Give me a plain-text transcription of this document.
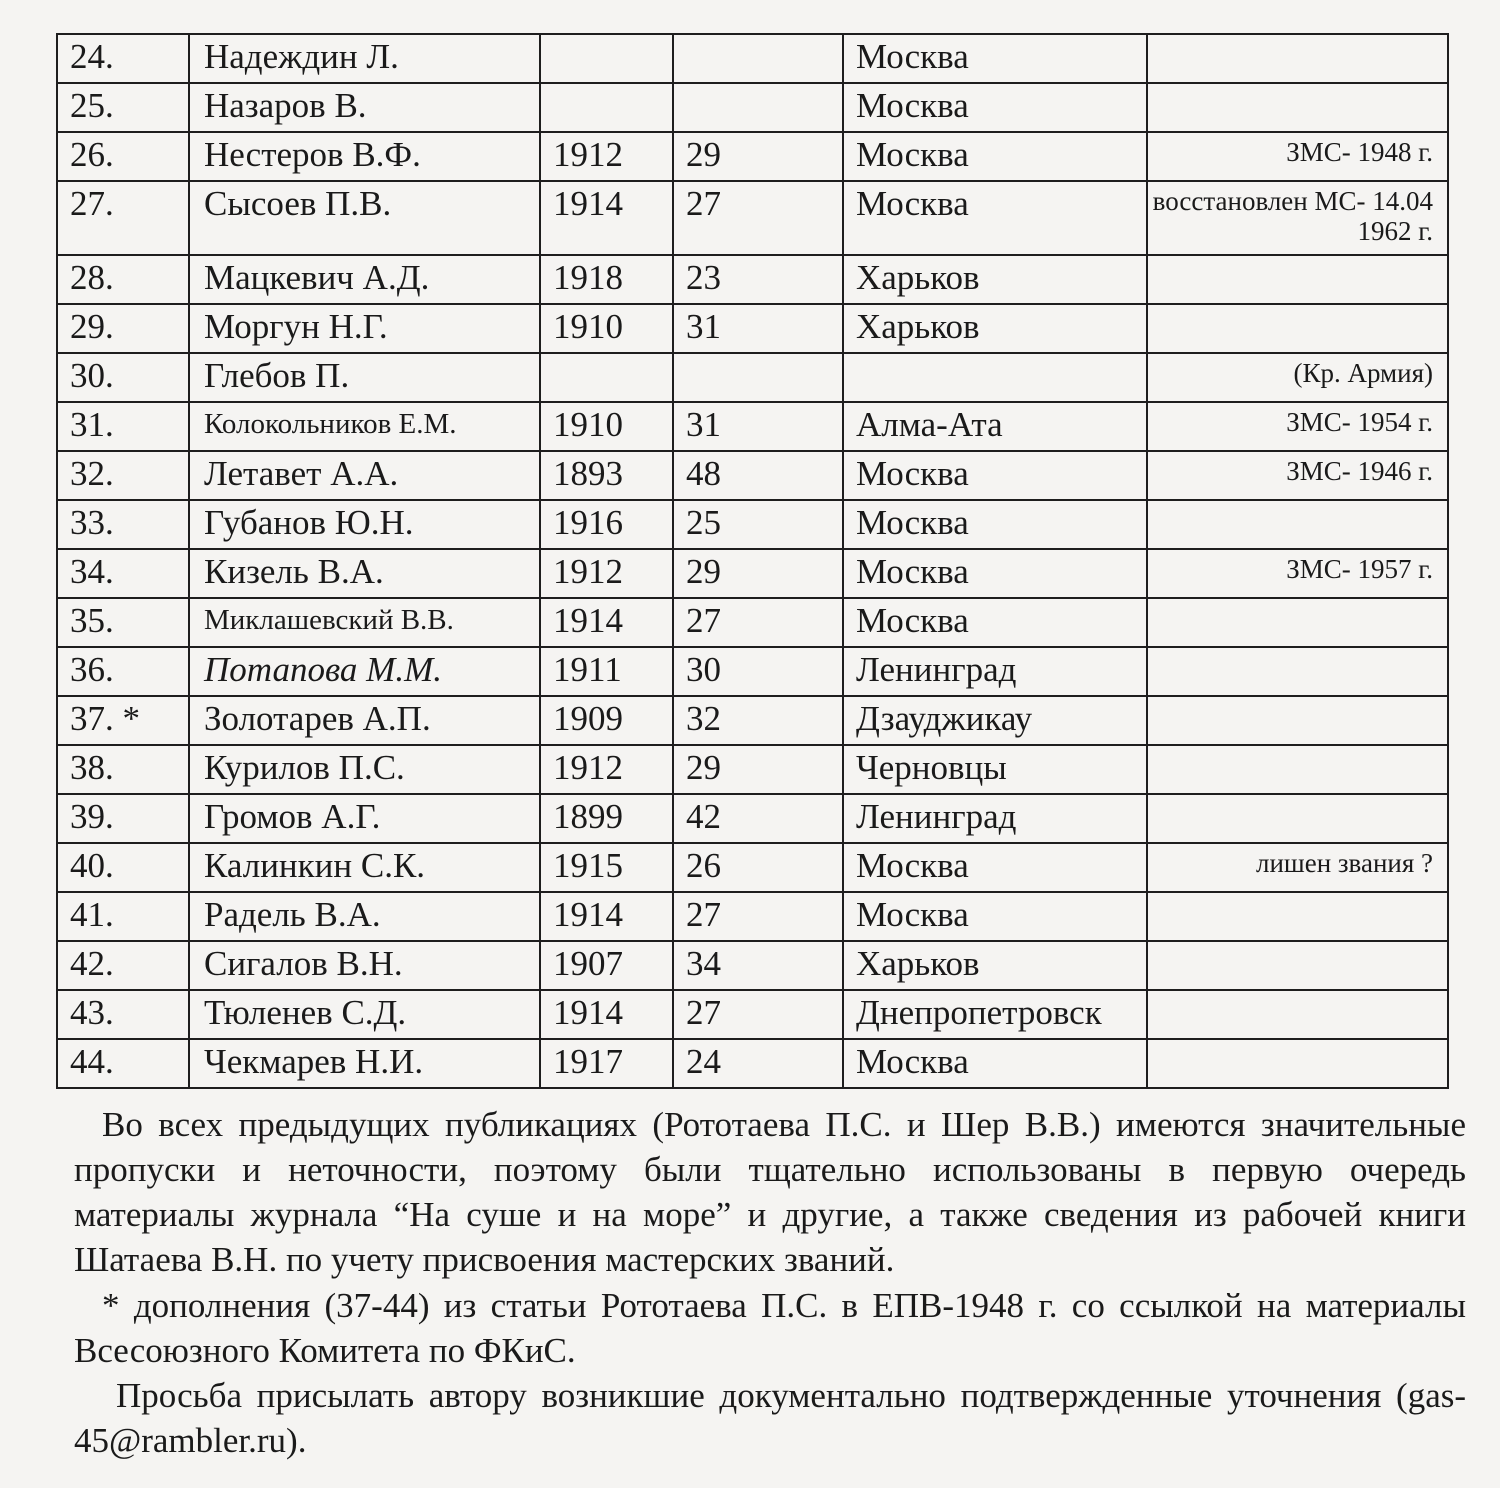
24.	Надеждин Л.			Москва	
25.	Назаров В.			Москва	
26.	Нестеров В.Ф.	1912	29	Москва	ЗМС- 1948 г.
27.	Сысоев П.В.	1914	27	Москва	восстановлен МС- 14.04 1962 г.
28.	Мацкевич А.Д.	1918	23	Харьков	
29.	Моргун Н.Г.	1910	31	Харьков	
30.	Глебов П.				(Кр. Армия)
31.	Колокольников Е.М.	1910	31	Алма-Ата	ЗМС- 1954 г.
32.	Летавет А.А.	1893	48	Москва	ЗМС- 1946 г.
33.	Губанов Ю.Н.	1916	25	Москва	
34.	Кизель В.А.	1912	29	Москва	ЗМС- 1957 г.
35.	Миклашевский В.В.	1914	27	Москва	
36.	Потапова М.М.	1911	30	Ленинград	
37. *	Золотарев А.П.	1909	32	Дзауджикау	
38.	Курилов П.С.	1912	29	Черновцы	
39.	Громов А.Г.	1899	42	Ленинград	
40.	Калинкин С.К.	1915	26	Москва	лишен звания ?
41.	Радель В.А.	1914	27	Москва	
42.	Сигалов В.Н.	1907	34	Харьков	
43.	Тюленев С.Д.	1914	27	Днепропетровск	
44.	Чекмарев Н.И.	1917	24	Москва	

Во всех предыдущих публикациях (Рототаева П.С. и Шер В.В.) имеются значительные пропуски и неточности, поэтому были тщательно использованы в первую очередь материалы журнала “На суше и на море” и другие, а также сведения из рабочей книги Шатаева В.Н. по учету присвоения мастерских званий.

* дополнения (37-44) из статьи Рототаева П.С. в ЕПВ-1948 г. со ссылкой на материалы Всесоюзного Комитета по ФКиС.

Просьба присылать автору возникшие документально подтвержденные уточнения (gas-45@rambler.ru).
